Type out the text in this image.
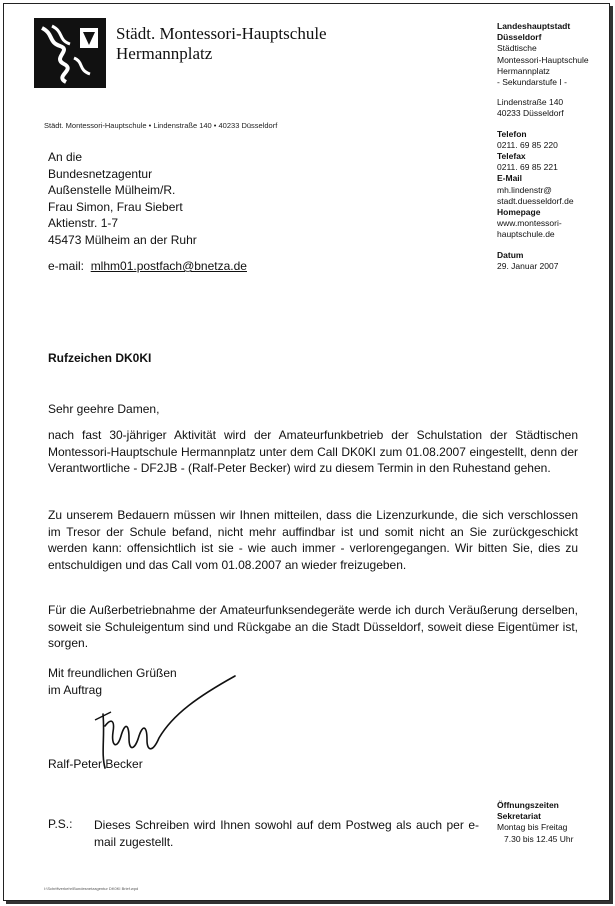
Städt. Montessori-Hauptschule
Hermannplatz
Städt. Montessori-Hauptschule • Lindenstraße 140 • 40233 Düsseldorf
An die
Bundesnetzagentur
Außenstelle Mülheim/R.
Frau Simon, Frau Siebert
Aktienstr. 1-7
45473 Mülheim an der Ruhr
e-mail: mlhm01.postfach@bnetza.de
Landeshauptstadt
Düsseldorf
Städtische
Montessori-Hauptschule
Hermannplatz
- Sekundarstufe I -
Lindenstraße 140
40233 Düsseldorf
Telefon
0211. 69 85 220
Telefax
0211. 69 85 221
E-Mail
mh.lindenstr@
stadt.duesseldorf.de
Homepage
www.montessori-
hauptschule.de
Datum
29. Januar 2007
Rufzeichen DK0KI
Sehr geehre Damen,
nach fast 30-jähriger Aktivität wird der Amateurfunkbetrieb der Schulstation der Städtischen Montessori-Hauptschule Hermannplatz unter dem Call DK0KI zum 01.08.2007 eingestellt, denn der Verantwortliche - DF2JB - (Ralf-Peter Becker) wird zu diesem Termin in den Ruhestand gehen.
Zu unserem Bedauern müssen wir Ihnen mitteilen, dass die Lizenzurkunde, die sich verschlossen im Tresor der Schule befand, nicht mehr auffindbar ist und somit nicht an Sie zurückgeschickt werden kann: offensichtlich ist sie - wie auch immer - verlorengegangen. Wir bitten Sie, dies zu entschuldigen und das Call vom 01.08.2007 an wieder freizugeben.
Für die Außerbetriebnahme der Amateurfunksendegeräte werde ich durch Veräußerung derselben, soweit sie Schuleigentum sind und Rückgabe an die Stadt Düsseldorf, soweit diese Eigentümer ist, sorgen.
Mit freundlichen Grüßen
im Auftrag
Ralf-Peter Becker
P.S.: Dieses Schreiben wird Ihnen sowohl auf dem Postweg als auch per e-mail zugestellt.
Öffnungszeiten
Sekretariat
Montag bis Freitag
7.30 bis 12.45 Uhr
I:\Schriftverkehr\Bundesnetzagentur DK0KI Brief.wpd
